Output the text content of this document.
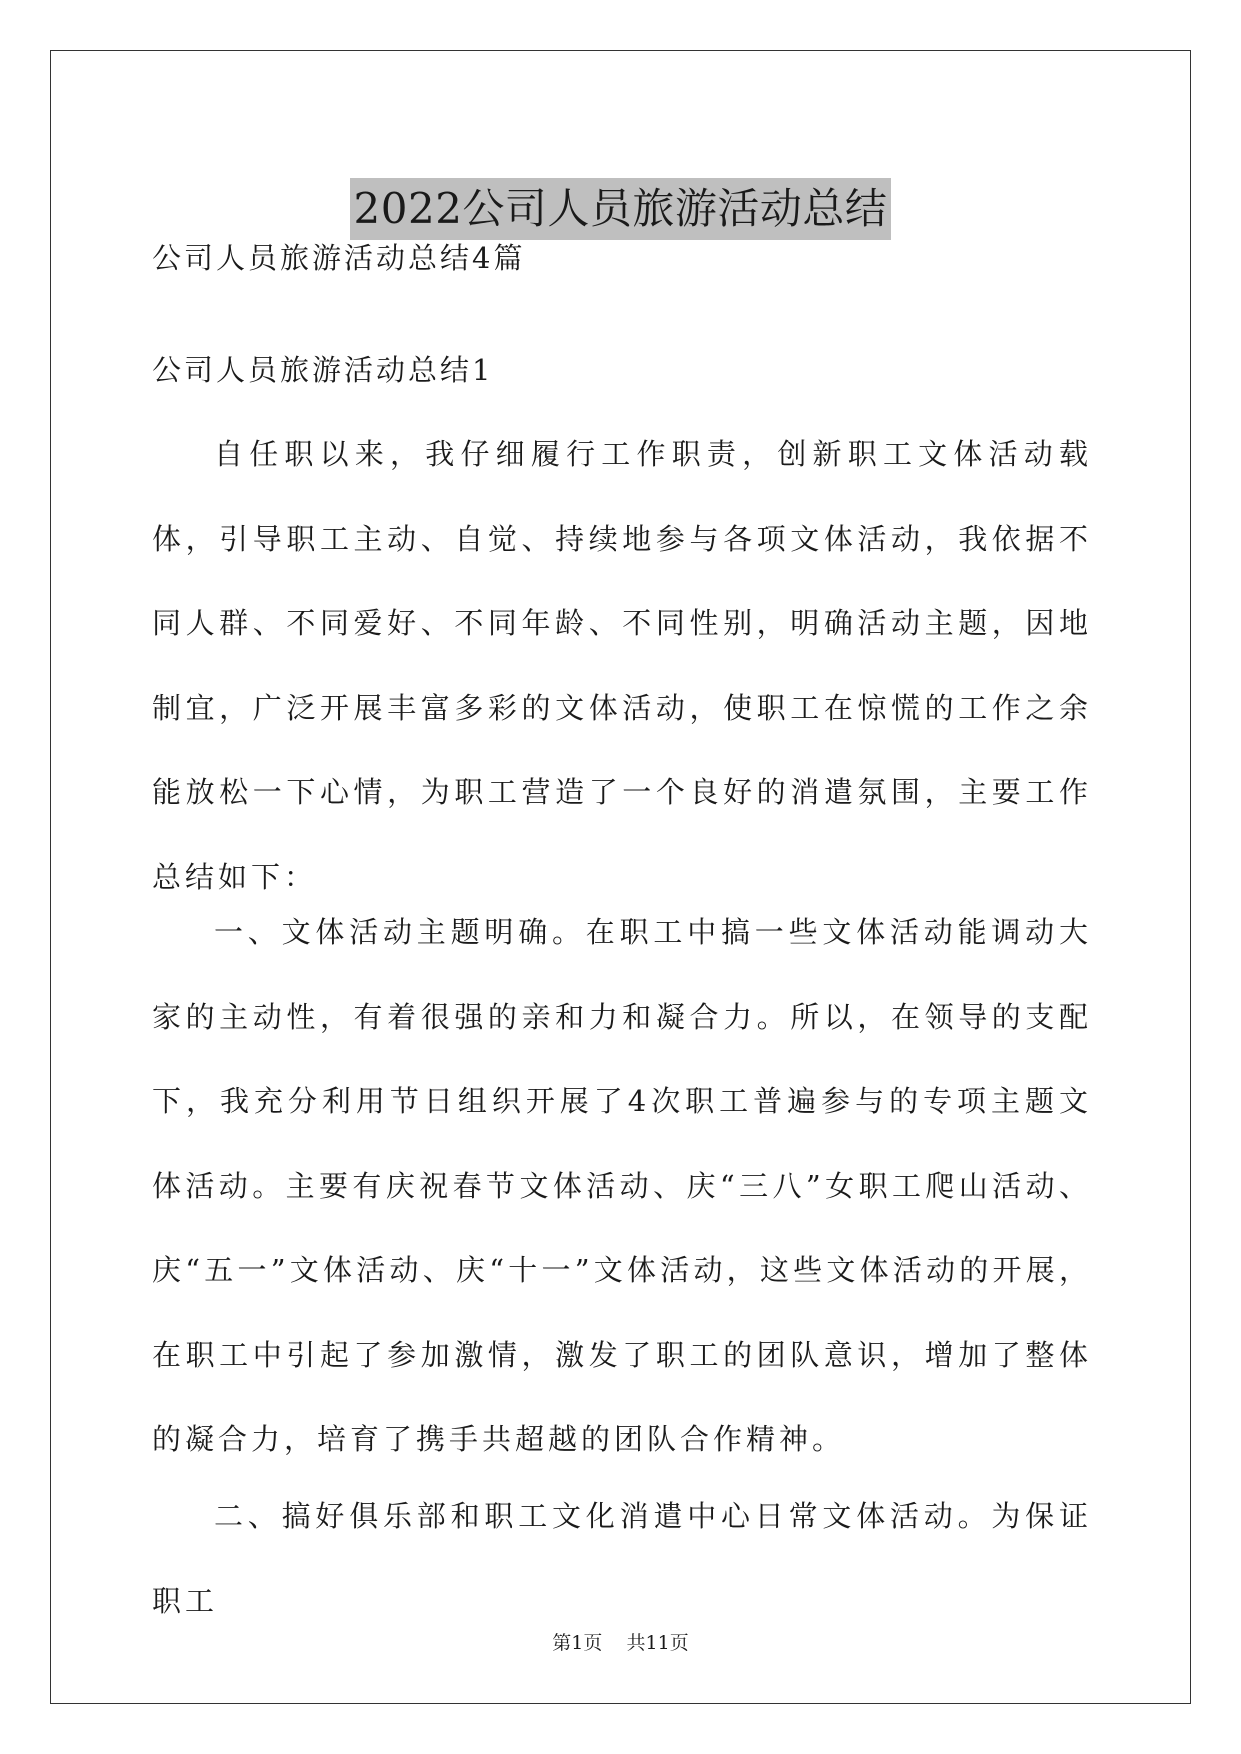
2022公司人员旅游活动总结
公司人员旅游活动总结4篇
公司人员旅游活动总结1

自任职以来，我仔细履行工作职责，创新职工文体活动载体，引导职工主动、自觉、持续地参与各项文体活动，我依据不同人群、不同爱好、不同年龄、不同性别，明确活动主题，因地制宜，广泛开展丰富多彩的文体活动，使职工在惊慌的工作之余能放松一下心情，为职工营造了一个良好的消遣氛围，主要工作总结如下：

一、文体活动主题明确。在职工中搞一些文体活动能调动大家的主动性，有着很强的亲和力和凝合力。所以，在领导的支配下，我充分利用节日组织开展了4次职工普遍参与的专项主题文体活动。主要有庆祝春节文体活动、庆“三八”女职工爬山活动、庆“五一”文体活动、庆“十一”文体活动，这些文体活动的开展，在职工中引起了参加激情，激发了职工的团队意识，增加了整体的凝合力，培育了携手共超越的团队合作精神。

二、搞好俱乐部和职工文化消遣中心日常文体活动。为保证职工

第1页 共11页
